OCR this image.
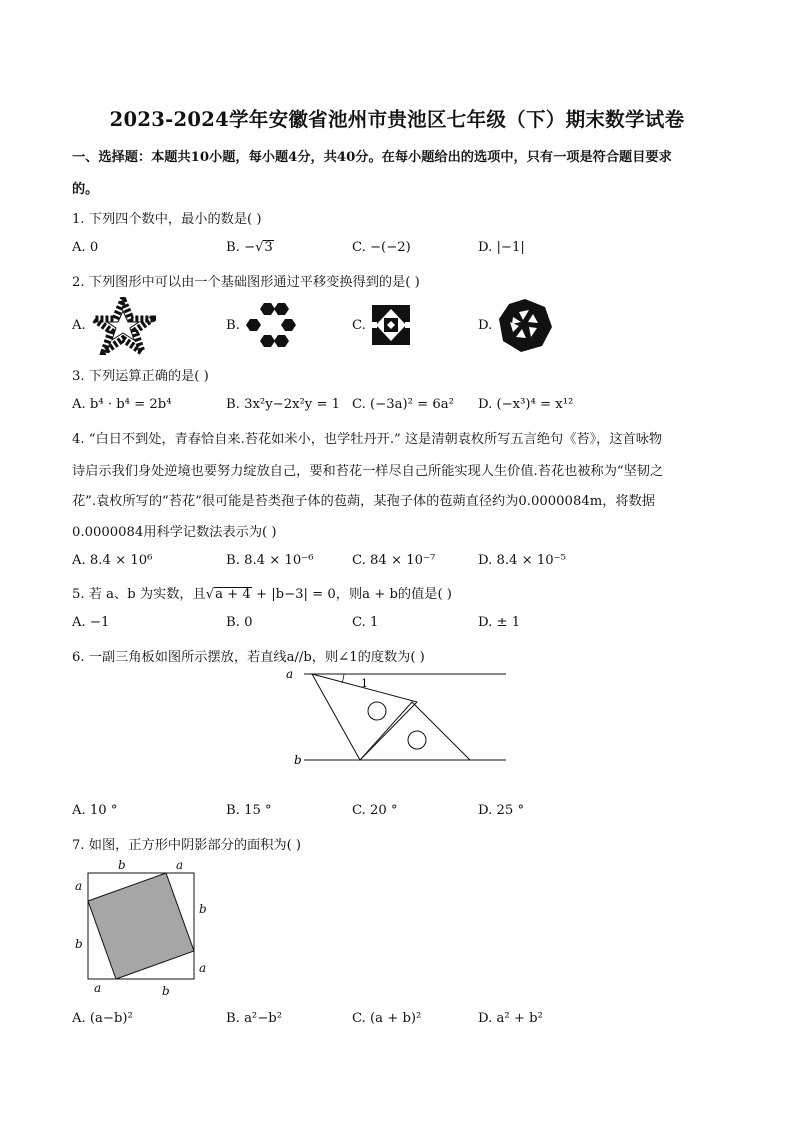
2023-2024学年安徽省池州市贵池区七年级（下）期末数学试卷
一、选择题：本题共10小题，每小题4分，共40分。在每小题给出的选项中，只有一项是符合题目要求
的。
1. 下列四个数中，最小的数是( )
A. 0	B. −√3	C. −(−2)	D. |−1|
2. 下列图形中可以由一个基础图形通过平移变换得到的是( )
A.	B.	C.	D.
3. 下列运算正确的是( )
A. b⁴ · b⁴ = 2b⁴	B. 3x²y−2x²y = 1 C. (−3a)² = 6a² D. (−x³)⁴ = x¹²
4. “白日不到处，青春恰自来.苔花如米小，也学牡丹开.” 这是清朝袁枚所写五言绝句《苔》，这首咏物
诗启示我们身处逆境也要努力绽放自己，要和苔花一样尽自己所能实现人生价值.苔花也被称为“坚韧之
花”.袁枚所写的“苔花”很可能是苔类孢子体的苞蒴，某孢子体的苞蒴直径约为0.0000084m，将数据
0.0000084用科学记数法表示为( )
A. 8.4 × 10⁶	B. 8.4 × 10⁻⁶	C. 84 × 10⁻⁷	D. 8.4 × 10⁻⁵
5. 若 a、b 为实数，且√a + 4 + |b−3| = 0，则a + b的值是( )
A. −1	B. 0	C. 1	D. ± 1
6. 一副三角板如图所示摆放，若直线a//b，则∠1的度数为( )
a
b
1
A. 10 °	B. 15 °	C. 20 °	D. 25 °
7. 如图，正方形中阴影部分的面积为( )
b	a
a
b
b
a
a	b
A. (a−b)²	B. a²−b²	C. (a + b)²	D. a² + b²
